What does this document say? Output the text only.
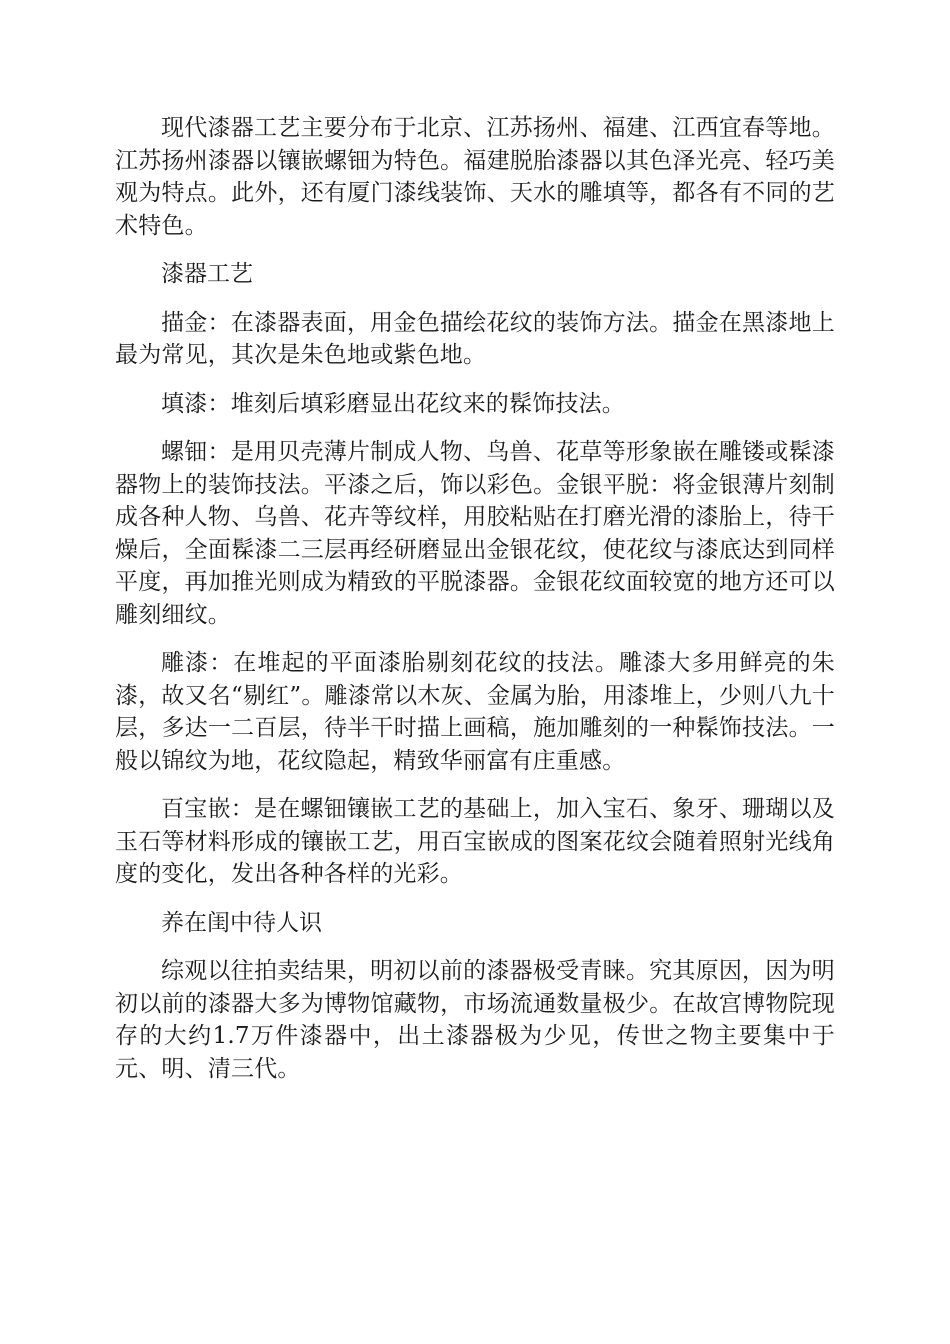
现代漆器工艺主要分布于北京、江苏扬州、福建、江西宜春等地。江苏扬州漆器以镶嵌螺钿为特色。福建脱胎漆器以其色泽光亮、轻巧美观为特点。此外，还有厦门漆线装饰、天水的雕填等，都各有不同的艺术特色。

漆器工艺

描金：在漆器表面，用金色描绘花纹的装饰方法。描金在黑漆地上最为常见，其次是朱色地或紫色地。

填漆：堆刻后填彩磨显出花纹来的髹饰技法。

螺钿：是用贝壳薄片制成人物、鸟兽、花草等形象嵌在雕镂或髹漆器物上的装饰技法。平漆之后，饰以彩色。金银平脱：将金银薄片刻制成各种人物、乌兽、花卉等纹样，用胶粘贴在打磨光滑的漆胎上，待干燥后，全面髹漆二三层再经研磨显出金银花纹，使花纹与漆底达到同样平度，再加推光则成为精致的平脱漆器。金银花纹面较宽的地方还可以雕刻细纹。

雕漆：在堆起的平面漆胎剔刻花纹的技法。雕漆大多用鲜亮的朱漆，故又名“剔红”。雕漆常以木灰、金属为胎，用漆堆上，少则八九十层，多达一二百层，待半干时描上画稿，施加雕刻的一种髹饰技法。一般以锦纹为地，花纹隐起，精致华丽富有庄重感。

百宝嵌：是在螺钿镶嵌工艺的基础上，加入宝石、象牙、珊瑚以及玉石等材料形成的镶嵌工艺，用百宝嵌成的图案花纹会随着照射光线角度的变化，发出各种各样的光彩。

养在闺中待人识

综观以往拍卖结果，明初以前的漆器极受青睐。究其原因，因为明初以前的漆器大多为博物馆藏物，市场流通数量极少。在故宫博物院现存的大约1.7万件漆器中，出土漆器极为少见，传世之物主要集中于元、明、清三代。
